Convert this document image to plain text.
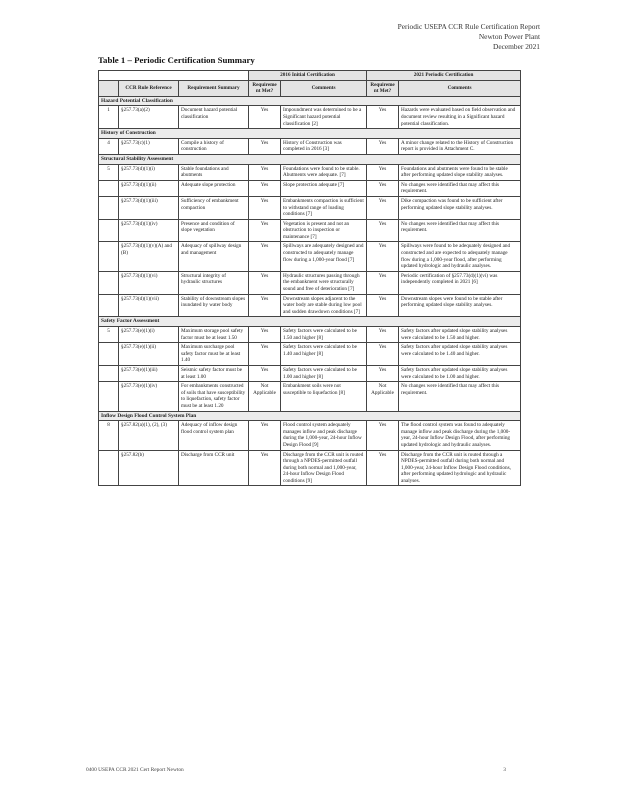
Periodic USEPA CCR Rule Certification Report
Newton Power Plant
December 2021
Table 1 – Periodic Certification Summary
			2016 Initial Certification		2021 Periodic Certification	
	CCR Rule Reference	Requirement Summary	Requirement Met?	Comments	Requirement Met?	Comments
Hazard Potential Classification						
1	§257.73(a)(2)	Document hazard potential classification	Yes	Impoundment was determined to be a Significant hazard potential classification [2]	Yes	Hazards were evaluated based on field observation and document review resulting in a Significant hazard potential classification.
History of Construction						
4	§257.73(c)(1)	Compile a history of construction	Yes	History of Construction was completed in 2016 [3]	Yes	A minor change related to the History of Construction report is provided in Attachment C.
Structural Stability Assessment						
5	§257.73(d)(1)(i)	Stable foundations and abutments	Yes	Foundations were found to be stable. Abutments were adequate. [7]	Yes	Foundations and abutments were found to be stable after performing updated slope stability analyses.
	§257.73(d)(1)(ii)	Adequate slope protection	Yes	Slope protection adequate [7]	Yes	No changes were identified that may affect this requirement.
	§257.73(d)(1)(iii)	Sufficiency of embankment compaction	Yes	Embankments compaction is sufficient to withstand range of loading conditions [7]	Yes	Dike compaction was found to be sufficient after performing updated slope stability analyses.
	§257.73(d)(1)(iv)	Presence and condition of slope vegetation	Yes	Vegetation is present and not an obstruction to inspection or maintenance [7]	Yes	No changes were identified that may affect this requirement.
	§257.73(d)(1)(v)(A) and (B)	Adequacy of spillway design and management	Yes	Spillways are adequately designed and constructed to adequately manage flow during a 1,000-year flood [7]	Yes	Spillways were found to be adequately designed and constructed and are expected to adequately manage flow during a 1,000-year flood, after performing updated hydrologic and hydraulic analyses.
	§257.73(d)(1)(vi)	Structural integrity of hydraulic structures	Yes	Hydraulic structures passing through the embankment were structurally sound and free of deterioration [7]	Yes	Periodic certification of §257.73(d)(1)(vi) was independently completed in 2021 [6]
	§257.73(d)(1)(vii)	Stability of downstream slopes inundated by water body	Yes	Downstream slopes adjacent to the water body are stable during low pool and sudden drawdown conditions [7]	Yes	Downstream slopes were found to be stable after performing updated slope stability analyses.
Safety Factor Assessment						
5	§257.73(e)(1)(i)	Maximum storage pool safety factor must be at least 1.50	Yes	Safety factors were calculated to be 1.50 and higher [8]	Yes	Safety factors after updated slope stability analyses were calculated to be 1.50 and higher.
	§257.73(e)(1)(ii)	Maximum surcharge pool safety factor must be at least 1.40	Yes	Safety factors were calculated to be 1.40 and higher [8]	Yes	Safety factors after updated slope stability analyses were calculated to be 1.40 and higher.
	§257.73(e)(1)(iii)	Seismic safety factor must be at least 1.00	Yes	Safety factors were calculated to be 1.00 and higher [8]	Yes	Safety factors after updated slope stability analyses were calculated to be 1.00 and higher.
	§257.73(e)(1)(iv)	For embankments constructed of soils that have susceptibility to liquefaction, safety factor must be at least 1.20	Not Applicable	Embankment soils were not susceptible to liquefaction [8]	Not Applicable	No changes were identified that may affect this requirement.
Inflow Design Flood Control System Plan						
8	§257.82(a)(1), (2), (3)	Adequacy of inflow design flood control system plan	Yes	Flood control system adequately manages inflow and peak discharge during the 1,000-year, 24-hour Inflow Design Flood [9]	Yes	The flood control system was found to adequately manage inflow and peak discharge during the 1,000-year, 24-hour Inflow Design Flood, after performing updated hydrologic and hydraulic analyses.
	§257.82(b)	Discharge from CCR unit	Yes	Discharge from the CCR unit is routed through a NPDES-permitted outfall during both normal and 1,000-year, 24-hour Inflow Design Flood conditions [9]	Yes	Discharge from the CCR unit is routed through a NPDES-permitted outfall during both normal and 1,000-year, 24-hour Inflow Design Flood conditions, after performing updated hydrologic and hydraulic analyses.
0400 USEPA CCR 2021 Cert Report Newton	3
